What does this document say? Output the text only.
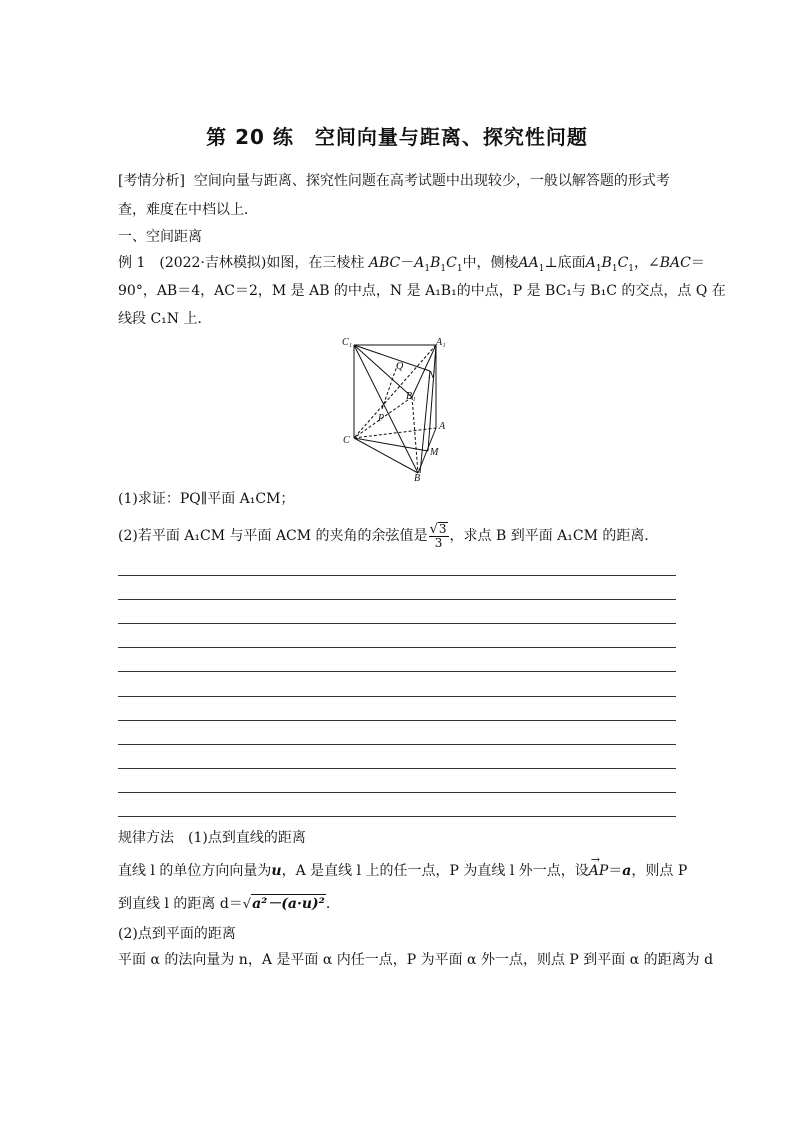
第 20 练　空间向量与距离、探究性问题
[考情分析] 空间向量与距离、探究性问题在高考试题中出现较少，一般以解答题的形式考
查，难度在中档以上．
一、空间距离
例 1　(2022·吉林模拟)如图，在三棱柱 $ABC-A_1B_1C_1$中，侧棱$AA_1\perp$底面$A_1B_1C_1$，∠BAC＝
90°，AB＝4，AC＝2，M 是 AB 的中点，N 是 A₁B₁的中点，P 是 BC₁与 B₁C 的交点，点 Q 在
线段 C₁N 上．
C₁	A₁
Q
N
B₁
P
C
A
M
B
(1)求证：PQ∥平面 A₁CM；
(2)若平面 A₁CM 与平面 ACM 的夹角的余弦值是 $\frac{√3}{3}$ ，求点 B 到平面 A₁CM 的距离．
规律方法　(1)点到直线的距离
直线 l 的单位方向向量为u，A 是直线 l 上的任一点，P 为直线 l 外一点，设→ AP＝a，则点 P
到直线 l 的距离 d＝√a²－(a·u)².
(2)点到平面的距离
平面 α 的法向量为 n，A 是平面 α 内任一点，P 为平面 α 外一点，则点 P 到平面 α 的距离为 d
